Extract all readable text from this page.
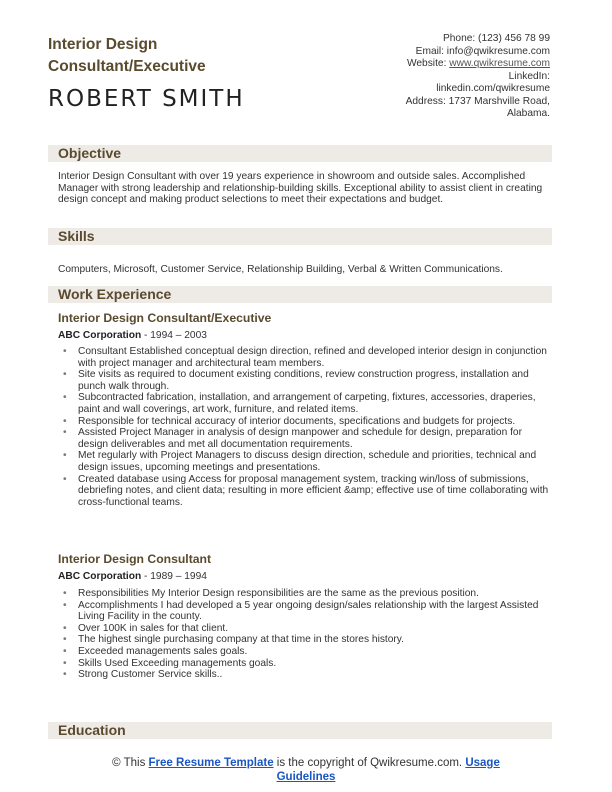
Interior Design Consultant/Executive
ROBERT SMITH
Phone: (123) 456 78 99
Email: info@qwikresume.com
Website: www.qwikresume.com
LinkedIn:
linkedin.com/qwikresume
Address: 1737 Marshville Road,
Alabama.
Objective
Interior Design Consultant with over 19 years experience in showroom and outside sales. Accomplished Manager with strong leadership and relationship-building skills. Exceptional ability to assist client in creating design concept and making product selections to meet their expectations and budget.
Skills
Computers, Microsoft, Customer Service, Relationship Building, Verbal & Written Communications.
Work Experience
Interior Design Consultant/Executive
ABC Corporation - 1994 – 2003
• Consultant Established conceptual design direction, refined and developed interior design in conjunction with project manager and architectural team members.
• Site visits as required to document existing conditions, review construction progress, installation and punch walk through.
• Subcontracted fabrication, installation, and arrangement of carpeting, fixtures, accessories, draperies, paint and wall coverings, art work, furniture, and related items.
• Responsible for technical accuracy of interior documents, specifications and budgets for projects.
• Assisted Project Manager in analysis of design manpower and schedule for design, preparation for design deliverables and met all documentation requirements.
• Met regularly with Project Managers to discuss design direction, schedule and priorities, technical and design issues, upcoming meetings and presentations.
• Created database using Access for proposal management system, tracking win/loss of submissions, debriefing notes, and client data; resulting in more efficient &amp; effective use of time collaborating with cross-functional teams.
Interior Design Consultant
ABC Corporation - 1989 – 1994
• Responsibilities My Interior Design responsibilities are the same as the previous position.
• Accomplishments I had developed a 5 year ongoing design/sales relationship with the largest Assisted Living Facility in the county.
• Over 100K in sales for that client.
• The highest single purchasing company at that time in the stores history.
• Exceeded managements sales goals.
• Skills Used Exceeding managements goals.
• Strong Customer Service skills..
Education
© This Free Resume Template is the copyright of Qwikresume.com. Usage
Guidelines
